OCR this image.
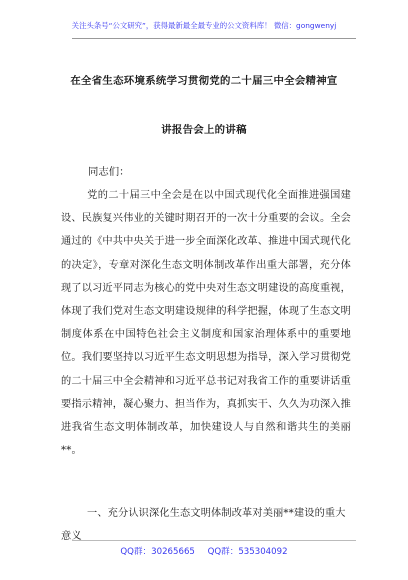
关注头条号“公文研究”，获得最新最全最专业的公文资料库！ 微信：gongwenyj
在全省生态环境系统学习贯彻党的二十届三中全会精神宣
讲报告会上的讲稿
同志们：
党的二十届三中全会是在以中国式现代化全面推进强国建设、民族复兴伟业的关键时期召开的一次十分重要的会议。全会通过的《中共中央关于进一步全面深化改革、推进中国式现代化的决定》，专章对深化生态文明体制改革作出重大部署，充分体现了以习近平同志为核心的党中央对生态文明建设的高度重视，体现了我们党对生态文明建设规律的科学把握，体现了生态文明制度体系在中国特色社会主义制度和国家治理体系中的重要地位。我们要坚持以习近平生态文明思想为指导，深入学习贯彻党的二十届三中全会精神和习近平总书记对我省工作的重要讲话重要指示精神，凝心聚力、担当作为，真抓实干、久久为功深入推进我省生态文明体制改革，加快建设人与自然和谐共生的美丽**。
一、充分认识深化生态文明体制改革对美丽**建设的重大意义
QQ群：30265665 QQ群：535304092
